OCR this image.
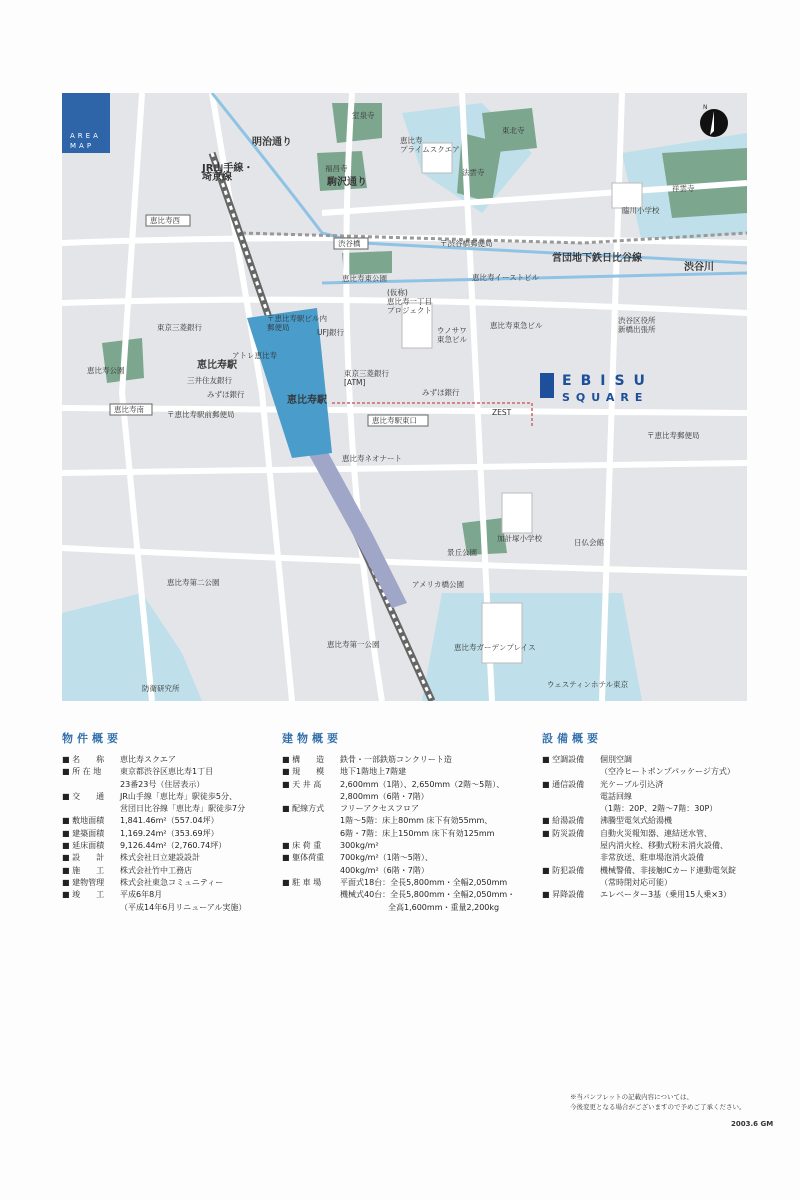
AREA
MAP
N
EBISU
SQUARE
恵比寿西
渋谷橋
恵比寿南
恵比寿駅東口
明治通り
JR山手線・
埼京線	駒沢通り
室泉寺
恵比寿
プライムスクエア
東北寺
福昌寺	法雲寺
祥雲寺
臨川小学校
〒渋谷橋郵便局
営団地下鉄日比谷線
渋谷川
恵比寿東公園	恵比寿イーストビル
(仮称)
恵比寿一丁目
プロジェクト
〒恵比寿駅ビル内
郵便局
UFJ銀行
東京三菱銀行	ウノサワ
東急ビル
恵比寿東急ビル
渋谷区役所
新橋出張所
恵比寿公園	恵比寿駅
アトレ恵比寿
三井住友銀行
みずほ銀行
恵比寿駅
東京三菱銀行
[ATM]
みずほ銀行
〒恵比寿駅前郵便局	ZEST
〒恵比寿郵便局
恵比寿ネオナート
加計塚小学校	日仏会館
景丘公園
アメリカ橋公園
恵比寿第二公園
恵比寿第一公園	恵比寿ガーデンプレイス
防衛研究所	ウェスティンホテル東京
物件概要
■ 名　　称	恵比寿スクエア
■ 所 在 地	東京都渋谷区恵比寿1丁目
23番23号（住居表示）
■ 交　　通	JR山手線「恵比寿」駅徒歩5分、
営団日比谷線「恵比寿」駅徒歩7分
■ 敷地面積	1,841.46m²（557.04坪）
■ 建築面積	1,169.24m²（353.69坪）
■ 延床面積	9,126.44m²（2,760.74坪）
■ 設　　計	株式会社日立建設設計
■ 施　　工	株式会社竹中工務店
■ 建物管理	株式会社東急コミュニティー
■ 竣　　工	平成6年8月
（平成14年6月リニューアル実施）
建物概要
■ 構　　造	鉄骨・一部鉄筋コンクリート造
■ 規　　模	地下1階地上7階建
■ 天 井 高	2,600mm（1階）、2,650mm（2階〜5階）、
2,800mm（6階・7階）
■ 配線方式	フリーアクセスフロア
1階〜5階：床上80mm 床下有効55mm、
6階・7階：床上150mm 床下有効125mm
■ 床 荷 重	300kg/m²
■ 躯体荷重	700kg/m²（1階〜5階）、
400kg/m²（6階・7階）
■ 駐 車 場	平面式18台：全長5,800mm・全幅2,050mm
機械式40台：全長5,800mm・全幅2,050mm・
　　　　　　全高1,600mm・重量2,200kg
設備概要
■ 空調設備	個別空調
（空冷ヒートポンプパッケージ方式）
■ 通信設備	光ケーブル引込済
電話回線
（1階：20P、2階〜7階：30P）
■ 給湯設備	沸騰型電気式給湯機
■ 防災設備	自動火災報知器、連結送水管、
屋内消火栓、移動式粉末消火設備、
非常放送、駐車場泡消火設備
■ 防犯設備	機械警備、非接触ICカード連動電気錠
（常時閉対応可能）
■ 昇降設備	エレベーター3基（乗用15人乗×3）
※当パンフレットの記載内容については、
今後変更となる場合がございますので予めご了承ください。
2003.6 GM
